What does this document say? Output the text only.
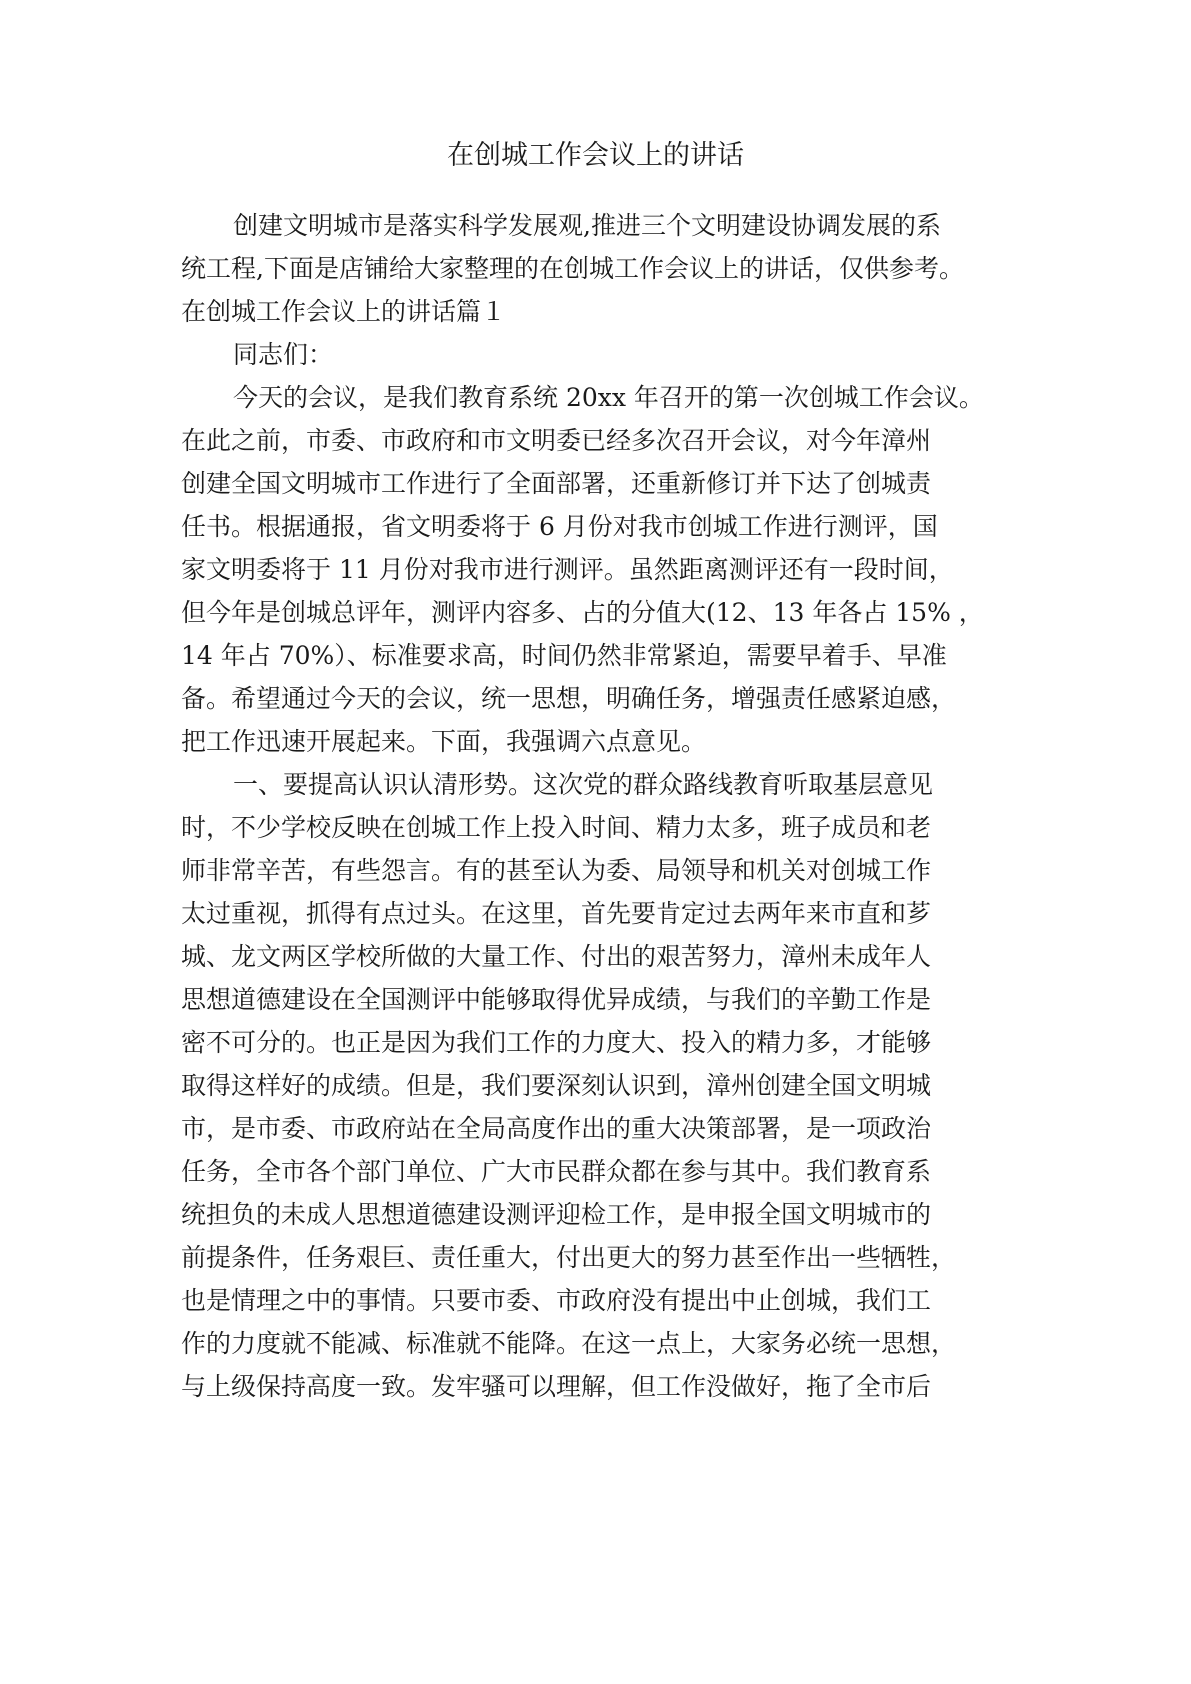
在创城工作会议上的讲话
创建文明城市是落实科学发展观,推进三个文明建设协调发展的系
统工程,下面是店铺给大家整理的在创城工作会议上的讲话，仅供参考。
在创城工作会议上的讲话篇１
同志们：
今天的会议，是我们教育系统 20xx 年召开的第一次创城工作会议。
在此之前，市委、市政府和市文明委已经多次召开会议，对今年漳州
创建全国文明城市工作进行了全面部署，还重新修订并下达了创城责
任书。根据通报，省文明委将于 6 月份对我市创城工作进行测评，国
家文明委将于 11 月份对我市进行测评。虽然距离测评还有一段时间，
但今年是创城总评年，测评内容多、占的分值大(12、13 年各占 15% ，
14 年占 70%）、标准要求高，时间仍然非常紧迫，需要早着手、早准
备。希望通过今天的会议，统一思想，明确任务，增强责任感紧迫感，
把工作迅速开展起来。下面，我强调六点意见。
一、要提高认识认清形势。这次党的群众路线教育听取基层意见
时，不少学校反映在创城工作上投入时间、精力太多，班子成员和老
师非常辛苦，有些怨言。有的甚至认为委、局领导和机关对创城工作
太过重视，抓得有点过头。在这里，首先要肯定过去两年来市直和芗
城、龙文两区学校所做的大量工作、付出的艰苦努力，漳州未成年人
思想道德建设在全国测评中能够取得优异成绩，与我们的辛勤工作是
密不可分的。也正是因为我们工作的力度大、投入的精力多，才能够
取得这样好的成绩。但是，我们要深刻认识到，漳州创建全国文明城
市，是市委、市政府站在全局高度作出的重大决策部署，是一项政治
任务，全市各个部门单位、广大市民群众都在参与其中。我们教育系
统担负的未成人思想道德建设测评迎检工作，是申报全国文明城市的
前提条件，任务艰巨、责任重大，付出更大的努力甚至作出一些牺牲，
也是情理之中的事情。只要市委、市政府没有提出中止创城，我们工
作的力度就不能减、标准就不能降。在这一点上，大家务必统一思想，
与上级保持高度一致。发牢骚可以理解，但工作没做好，拖了全市后
